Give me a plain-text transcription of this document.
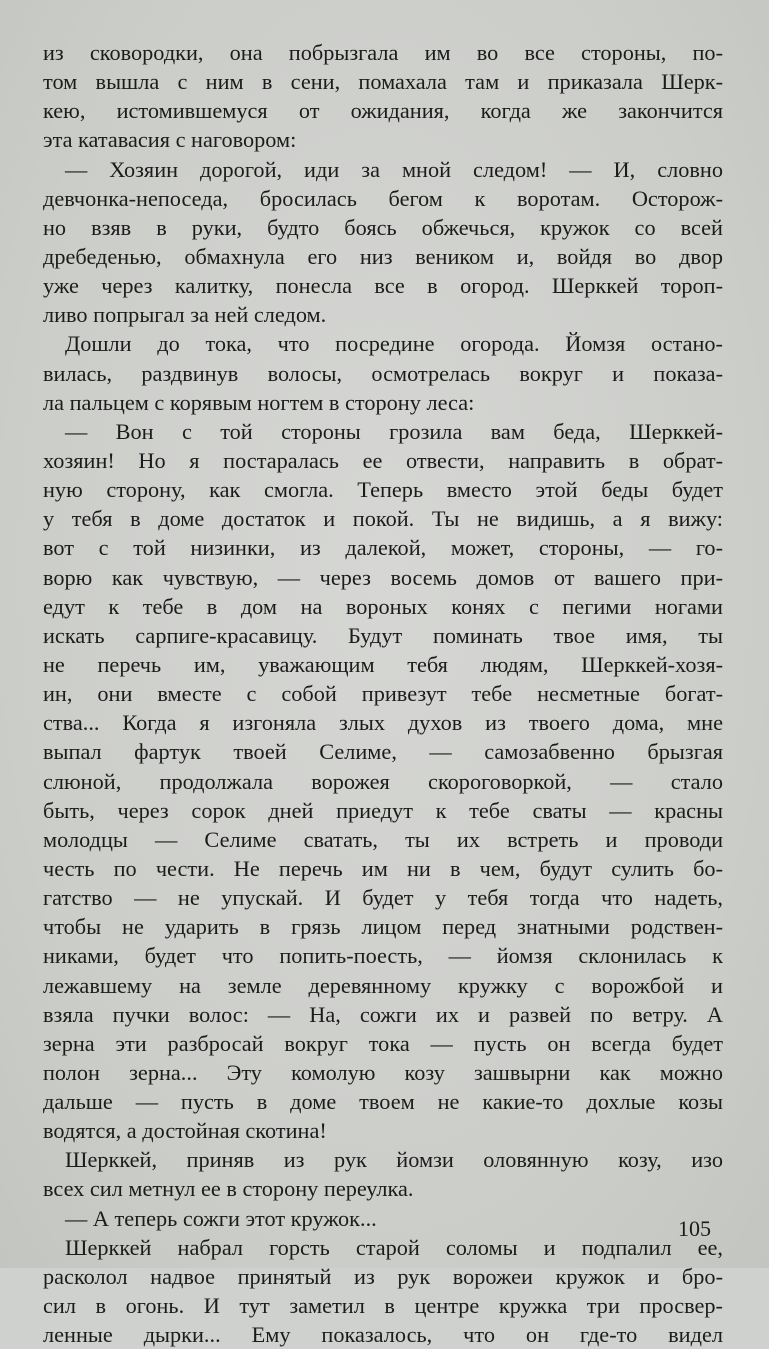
из сковородки, она побрызгала им во все стороны, по-
том вышла с ним в сени, помахала там и приказала Шерк-
кею, истомившемуся от ожидания, когда же закончится
эта катавасия с наговором:
— Хозяин дорогой, иди за мной следом! — И, словно
девчонка-непоседа, бросилась бегом к воротам. Осторож-
но взяв в руки, будто боясь обжечься, кружок со всей
дребеденью, обмахнула его низ веником и, войдя во двор
уже через калитку, понесла все в огород. Шерккей тороп-
ливо попрыгал за ней следом.
Дошли до тока, что посредине огорода. Йомзя остано-
вилась, раздвинув волосы, осмотрелась вокруг и показа-
ла пальцем с корявым ногтем в сторону леса:
— Вон с той стороны грозила вам беда, Шерккей-
хозяин! Но я постаралась ее отвести, направить в обрат-
ную сторону, как смогла. Теперь вместо этой беды будет
у тебя в доме достаток и покой. Ты не видишь, а я вижу:
вот с той низинки, из далекой, может, стороны, — го-
ворю как чувствую, — через восемь домов от вашего при-
едут к тебе в дом на вороных конях с пегими ногами
искать сарпиге-красавицу. Будут поминать твое имя, ты
не перечь им, уважающим тебя людям, Шерккей-хозя-
ин, они вместе с собой привезут тебе несметные богат-
ства... Когда я изгоняла злых духов из твоего дома, мне
выпал фартук твоей Селиме, — самозабвенно брызгая
слюной, продолжала ворожея скороговоркой, — стало
быть, через сорок дней приедут к тебе сваты — красны
молодцы — Селиме сватать, ты их встреть и проводи
честь по чести. Не перечь им ни в чем, будут сулить бо-
гатство — не упускай. И будет у тебя тогда что надеть,
чтобы не ударить в грязь лицом перед знатными родствен-
никами, будет что попить-поесть, — йомзя склонилась к
лежавшему на земле деревянному кружку с ворожбой и
взяла пучки волос: — На, сожги их и развей по ветру. А
зерна эти разбросай вокруг тока — пусть он всегда будет
полон зерна... Эту комолую козу зашвырни как можно
дальше — пусть в доме твоем не какие-то дохлые козы
водятся, а достойная скотина!
Шерккей, приняв из рук йомзи оловянную козу, изо
всех сил метнул ее в сторону переулка.
— А теперь сожги этот кружок...
Шерккей набрал горсть старой соломы и подпалил ее,
расколол надвое принятый из рук ворожеи кружок и бро-
сил в огонь. И тут заметил в центре кружка три просвер-
ленные дырки... Ему показалось, что он где-то видел
105
